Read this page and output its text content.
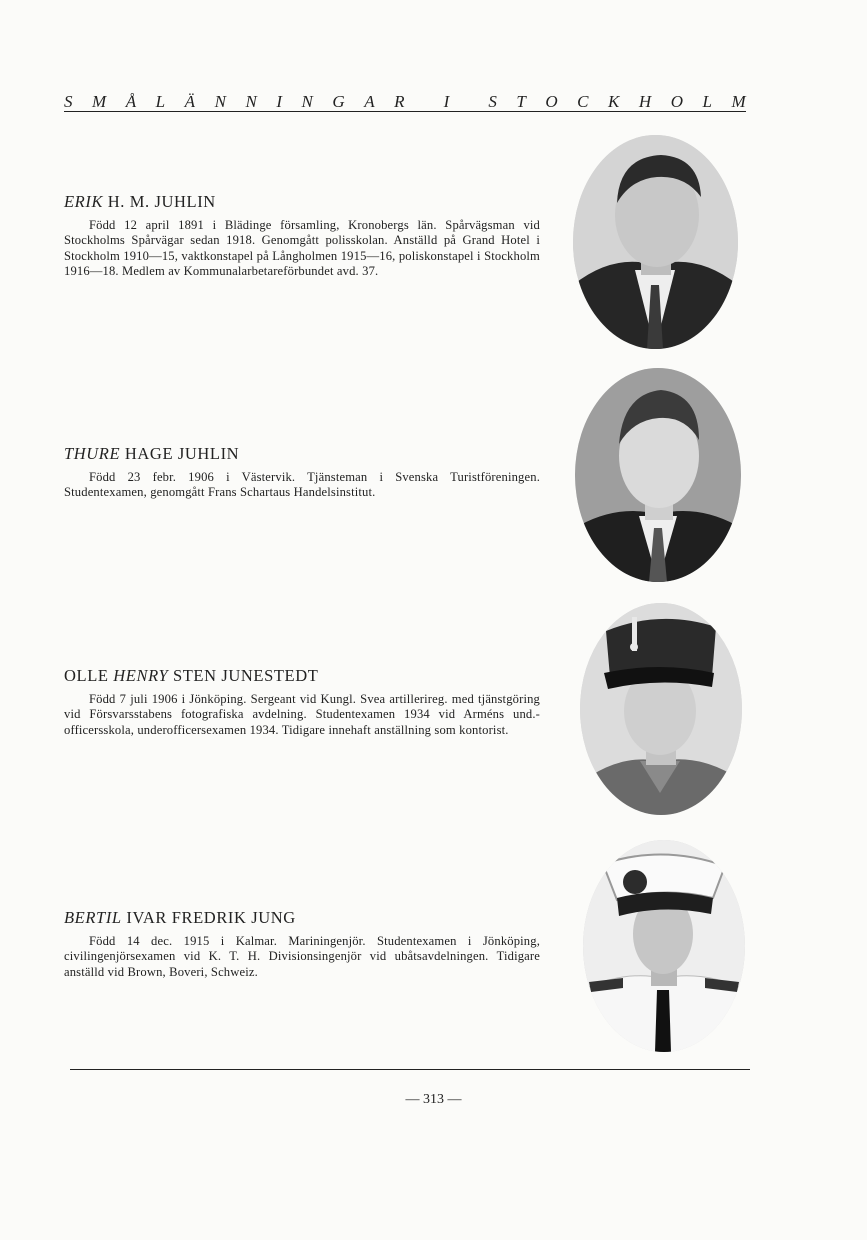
S M Å L Ä N N I N G A R I S T O C K H O L M

ERIK H. M. JUHLIN

Född 12 april 1891 i Blädinge församling, Kronobergs län. Spårvägsman vid Stockholms Spårvägar sedan 1918. Genomgått polisskolan. Anställd på Grand Hotel i Stockholm 1910—15, vaktkonstapel på Långholmen 1915—16, poliskonstapel i Stockholm 1916—18. Medlem av Kommunalarbetareförbundet avd. 37.

THURE HAGE JUHLIN

Född 23 febr. 1906 i Västervik. Tjänsteman i Svenska Turistföreningen. Studentexamen, genomgått Frans Schartaus Handelsinstitut.

OLLE HENRY STEN JUNESTEDT

Född 7 juli 1906 i Jönköping. Sergeant vid Kungl. Svea artillerireg. med tjänstgöring vid Försvarsstabens fotografiska avdelning. Studentexamen 1934 vid Arméns und.-officersskola, underofficersexamen 1934. Tidigare innehaft anställning som kontorist.

BERTIL IVAR FREDRIK JUNG

Född 14 dec. 1915 i Kalmar. Mariningenjör. Studentexamen i Jönköping, civilingenjörsexamen vid K. T. H. Divisionsingenjör vid ubåtsavdelningen. Tidigare anställd vid Brown, Boveri, Schweiz.

— 313 —
